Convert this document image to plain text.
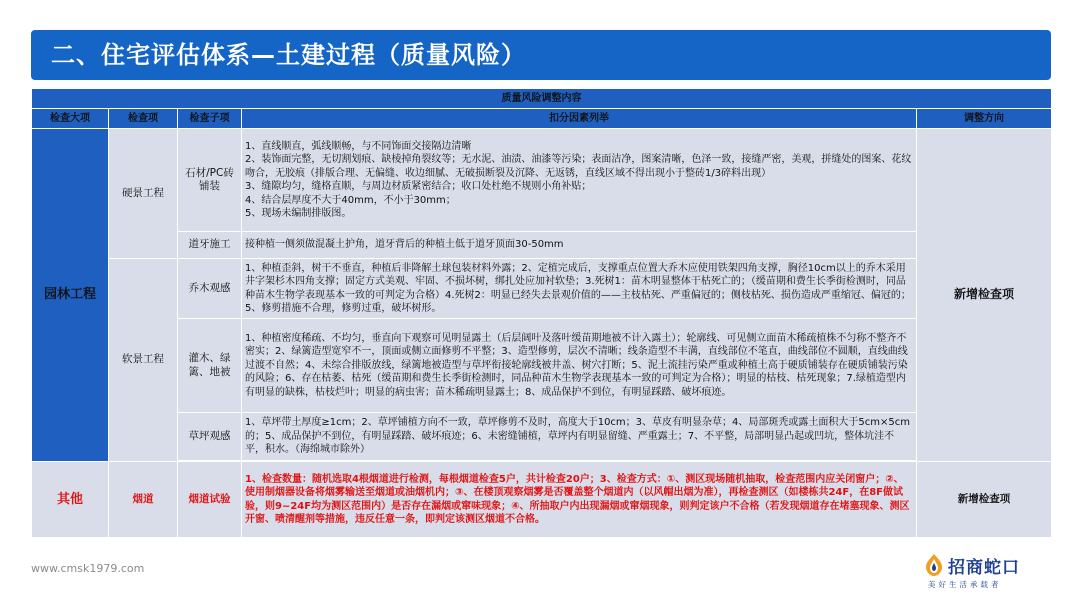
二、住宅评估体系—土建过程（质量风险）
质量风险调整内容				
检查大项	检查项	检查子项	扣分因素列举	调整方向
园林工程	硬景工程	石材/PC砖铺装	1、直线顺直，弧线顺畅，与不同饰面交接隔边清晰
2、装饰面完整，无切割划痕、缺棱掉角裂纹等；无水泥、油渍、油漆等污染；表面洁净，图案清晰，色泽一致，接缝严密，美观，拼缝处的图案、花纹吻合，无胶痕（排版合理、无偏缝、收边细腻、无破损断裂及沉降、无返锈，直线区域不得出现小于整砖1/3碎料出现）
3、缝隙均匀，缝格直顺，与周边材质紧密结合；收口处杜绝不规则小角补贴；
4、结合层厚度不大于40mm，不小于30mm；
5、现场未编制排版图。	新增检查项
		道牙施工	接种植一侧须做混凝土护角，道牙背后的种植土低于道牙顶面30-50mm	
	软景工程	乔木观感	1、种植歪斜，树干不垂直，种植后非降解土球包装材料外露；2、定植完成后，支撑重点位置大乔木应使用铁架四角支撑，胸径10cm以上的乔木采用井字架杉木四角支撑；固定方式美观、牢固、不损坏树，绑扎处应加衬软垫；3.死树1：苗木明显整体干枯死亡的；（缓苗期和费生长季街检测时，同品种苗木生物学表现基本一致的可判定为合格）4.死树2：明显已经失去景观价值的——主枝枯死、严重偏冠的；侧枝枯死、损伤造成严重缩冠、偏冠的；5、修剪措施不合理，修剪过重，破坏树形。	
		灌木、绿篱、地被	1、种植密度稀疏、不均匀，垂直向下观察可见明显露土（后层阔叶及落叶缓苗期地被不计入露土）；轮廓线、可见侧立面苗木稀疏植株不匀称不整齐不密实；2、绿篱造型宽窄不一，顶面或侧立面修剪不平整；3、造型修剪，层次不清晰；线条造型不丰满，直线部位不笔直，曲线部位不圆顺，直线曲线过渡不自然；4、未综合排版放线，绿篱地被造型与草坪衔接轮廓线被井盖、树穴打断；5、泥土流挂污染严重或种植土高于硬质铺装存在硬质铺装污染的风险；6、存在枯萎、枯死（缓苗期和费生长季街检测时，同品种苗木生物学表现基本一致的可判定为合格）；明显的枯枝、枯死现象；7.绿植造型内有明显的缺株，枯枝烂叶；明显的病虫害；苗木稀疏明显露土；8、成品保护不到位，有明显踩踏、破坏痕迹。	
		草坪观感	1、草坪带土厚度≥1cm；2、草坪铺植方向不一致，草坪修剪不及时，高度大于10cm；3、草皮有明显杂草；4、局部斑秃或露土面积大于5cm×5cm的；5、成品保护不到位，有明显踩踏、破坏痕迹；6、未密缝铺植，草坪内有明显留缝、严重露土；7、不平整，局部明显凸起或凹坑，整体坑洼不平，积水。（海绵城市除外）	

其他	烟道	烟道试验	1、检查数量：随机选取4根烟道进行检测，每根烟道检查5户，共计检查20户；3、检查方式：①、测区现场随机抽取，检查范围内应关闭窗户；②、使用制烟器设备将烟雾输送至烟道或油烟机内；③、在楼顶观察烟雾是否覆盖整个烟道内（以风帽出烟为准），再检查测区（如楼栋共24F，在8F做试验，则9~24F均为测区范围内）是否存在漏烟或窜味现象；④、所抽取户内出现漏烟或窜烟现象，则判定该户不合格（若发现烟道存在堵塞现象、测区开窗、喷清醒剂等措施，违反任意一条，即判定该测区烟道不合格。	新增检查项
www.cmsk1979.com	招商蛇口
美好生活承载者
